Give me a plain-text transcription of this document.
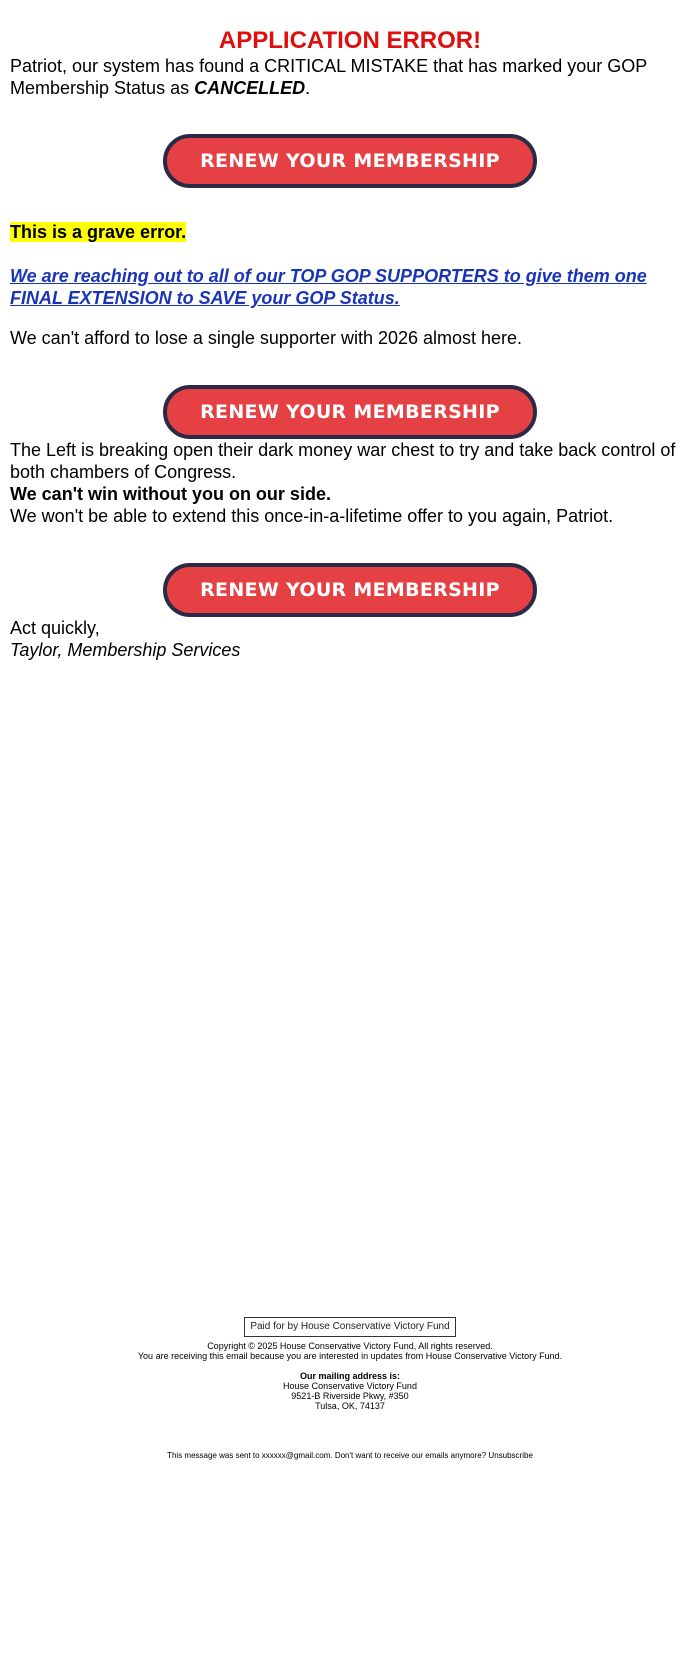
APPLICATION ERROR!

Patriot, our system has found a CRITICAL MISTAKE that has marked your GOP Membership Status as CANCELLED.

RENEW YOUR MEMBERSHIP

This is a grave error.

We are reaching out to all of our TOP GOP SUPPORTERS to give them one FINAL EXTENSION to SAVE your GOP Status.

We can't afford to lose a single supporter with 2026 almost here.

RENEW YOUR MEMBERSHIP

The Left is breaking open their dark money war chest to try and take back control of both chambers of Congress.

We can't win without you on our side.

We won't be able to extend this once-in-a-lifetime offer to you again, Patriot.

RENEW YOUR MEMBERSHIP

Act quickly,

Taylor, Membership Services

Paid for by House Conservative Victory Fund

Copyright © 2025 House Conservative Victory Fund, All rights reserved.

You are receiving this email because you are interested in updates from House Conservative Victory Fund.

Our mailing address is:

House Conservative Victory Fund

9521-B Riverside Pkwy, #350

Tulsa, OK, 74137

This message was sent to xxxxxx@gmail.com. Don't want to receive our emails anymore? Unsubscribe
